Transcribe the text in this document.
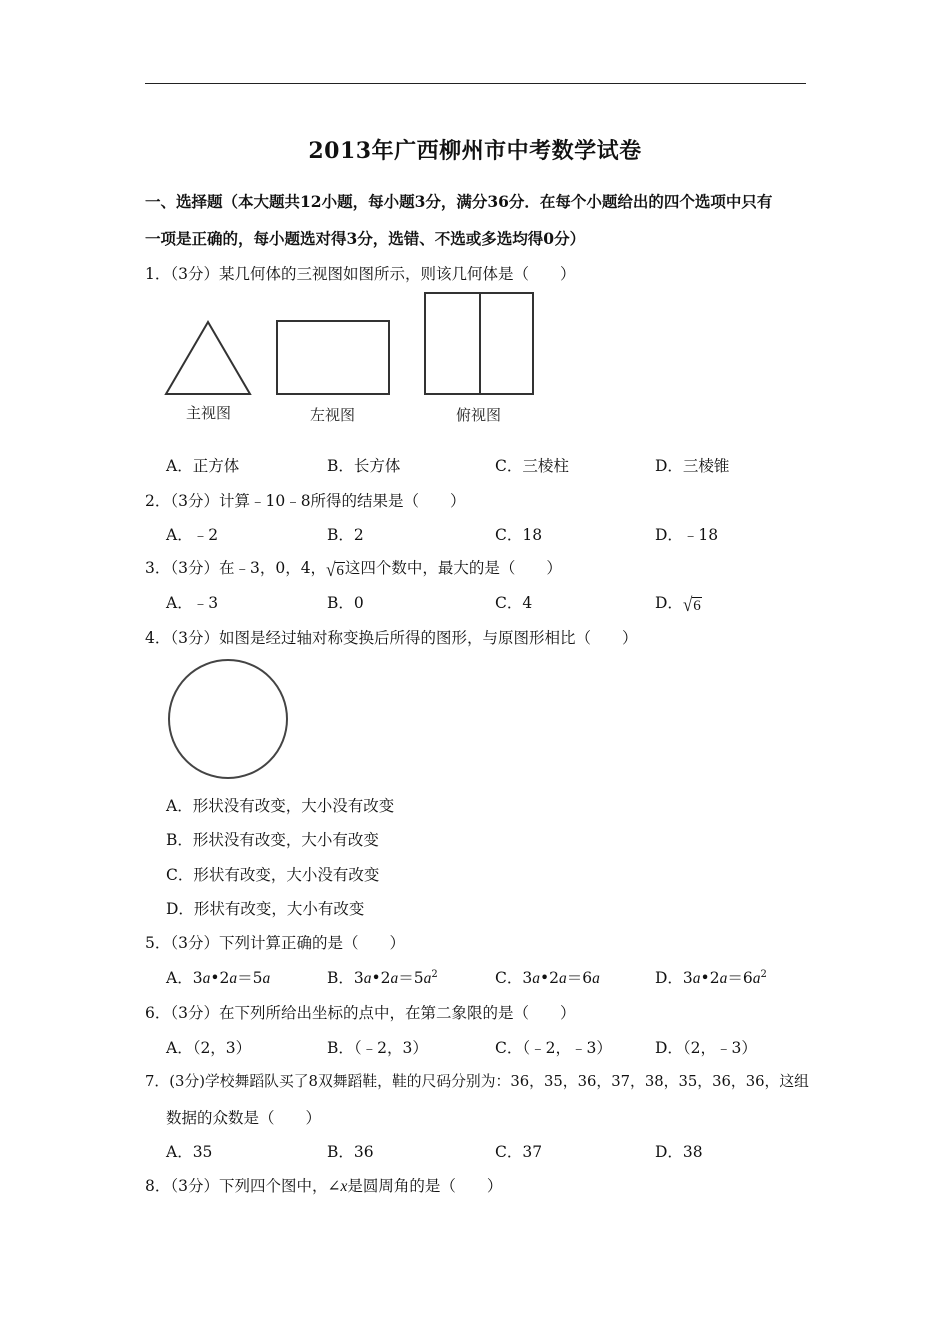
2013年广西柳州市中考数学试卷
一、选择题（本大题共12小题，每小题3分，满分36分．在每个小题给出的四个选项中只有
一项是正确的，每小题选对得3分，选错、不选或多选均得0分）
1．（3分）某几何体的三视图如图所示，则该几何体是（　　）
主视图	左视图	俯视图
A．正方体	B．长方体	C．三棱柱	D．三棱锥
2．（3分）计算﹣10﹣8所得的结果是（　　）
A．﹣2	B．2	C．18	D．﹣18
3．（3分）在﹣3，0，4，√6这四个数中，最大的是（　　）
A．﹣3	B．0	C．4	D．√6
4．（3分）如图是经过轴对称变换后所得的图形，与原图形相比（　　）
A．形状没有改变，大小没有改变
B．形状没有改变，大小有改变
C．形状有改变，大小没有改变
D．形状有改变，大小有改变
5．（3分）下列计算正确的是（　　）
A．3a•2a＝5a	B．$3a•2a=5a^2$	C．3a•2a＝6a	D．$3a•2a=6a^2$
6．（3分）在下列所给出坐标的点中，在第二象限的是（　　）
A．（2，3）	B．（﹣2，3）	C．（﹣2，﹣3）	D．（2，﹣3）
7．(3分)学校舞蹈队买了8双舞蹈鞋，鞋的尺码分别为：36，35，36，37，38，35，36，36，这组
数据的众数是（　　）
A．35	B．36	C．37	D．38
8．（3分）下列四个图中，∠x是圆周角的是（　　）
